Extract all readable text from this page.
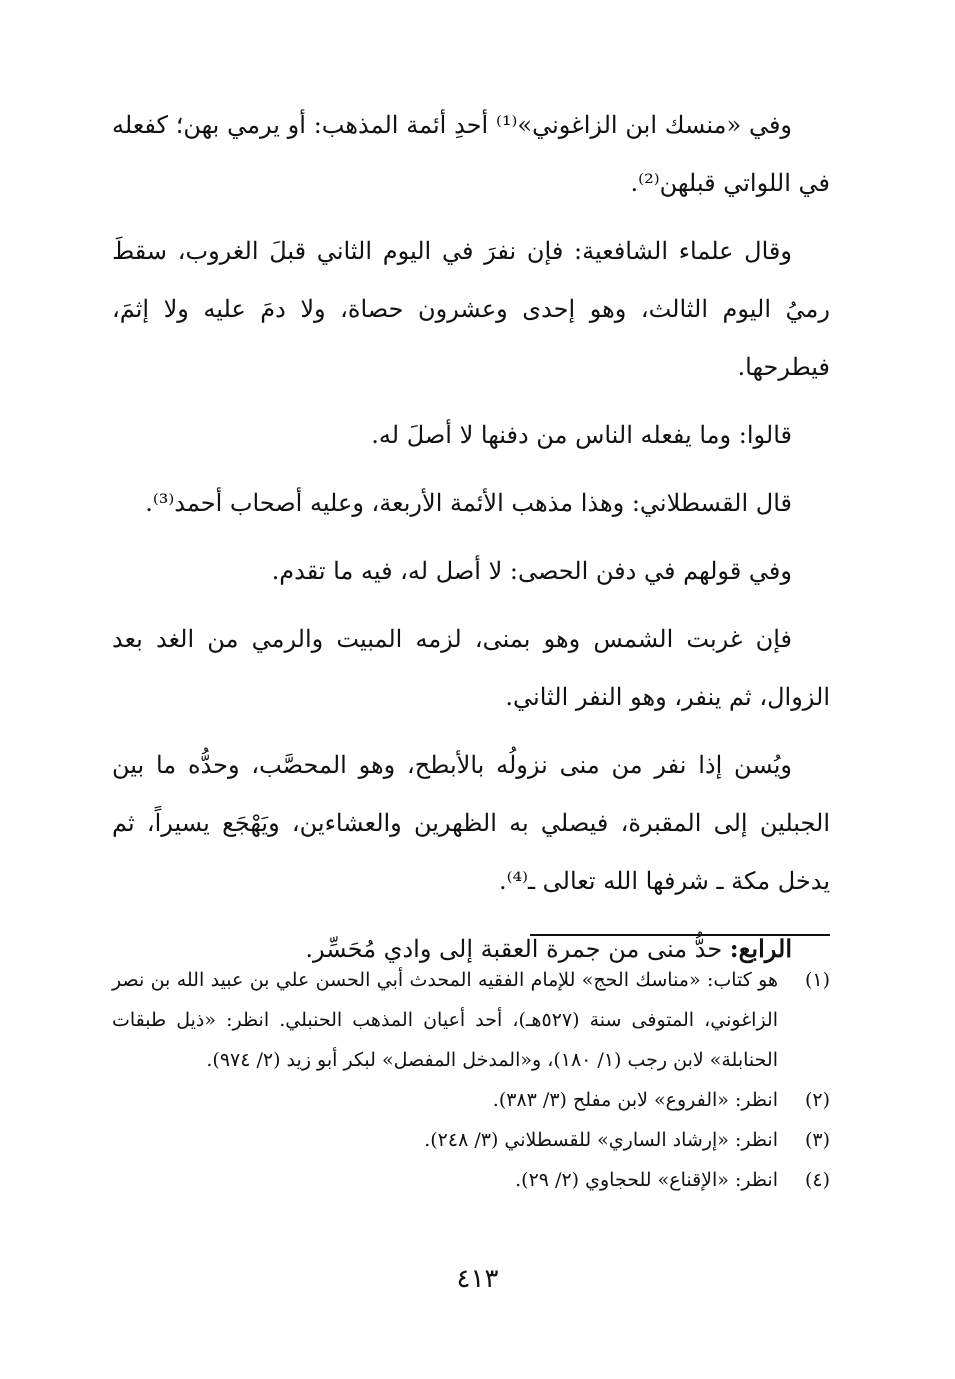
وفي «منسك ابن الزاغوني»⁽¹⁾ أحدِ أئمة المذهب: أو يرمي بهن؛ كفعله في اللواتي قبلهن⁽²⁾.

وقال علماء الشافعية: فإن نفرَ في اليوم الثاني قبلَ الغروب، سقطَ رميُ اليوم الثالث، وهو إحدى وعشرون حصاة، ولا دمَ عليه ولا إثمَ، فيطرحها.

قالوا: وما يفعله الناس من دفنها لا أصلَ له.

قال القسطلاني: وهذا مذهب الأئمة الأربعة، وعليه أصحاب أحمد⁽³⁾.

وفي قولهم في دفن الحصى: لا أصل له، فيه ما تقدم.

فإن غربت الشمس وهو بمنى، لزمه المبيت والرمي من الغد بعد الزوال، ثم ينفر، وهو النفر الثاني.

ويُسن إذا نفر من منى نزولُه بالأبطح، وهو المحصَّب، وحدُّه ما بين الجبلين إلى المقبرة، فيصلي به الظهرين والعشاءين، ويَهْجَع يسيراً، ثم يدخل مكة ـ شرفها الله تعالى ـ⁽⁴⁾.

الرابع: حدُّ منى من جمرة العقبة إلى وادي مُحَسِّر.

(١)
هو كتاب: «مناسك الحج» للإمام الفقيه المحدث أبي الحسن علي بن عبيد الله بن نصر الزاغوني، المتوفى سنة (٥٢٧هـ)، أحد أعيان المذهب الحنبلي. انظر: «ذيل طبقات الحنابلة» لابن رجب (١/ ١٨٠)، و«المدخل المفصل» لبكر أبو زيد (٢/ ٩٧٤).
(٢)
انظر: «الفروع» لابن مفلح (٣/ ٣٨٣).
(٣)
انظر: «إرشاد الساري» للقسطلاني (٣/ ٢٤٨).
(٤)
انظر: «الإقناع» للحجاوي (٢/ ٢٩).
٤١٣
